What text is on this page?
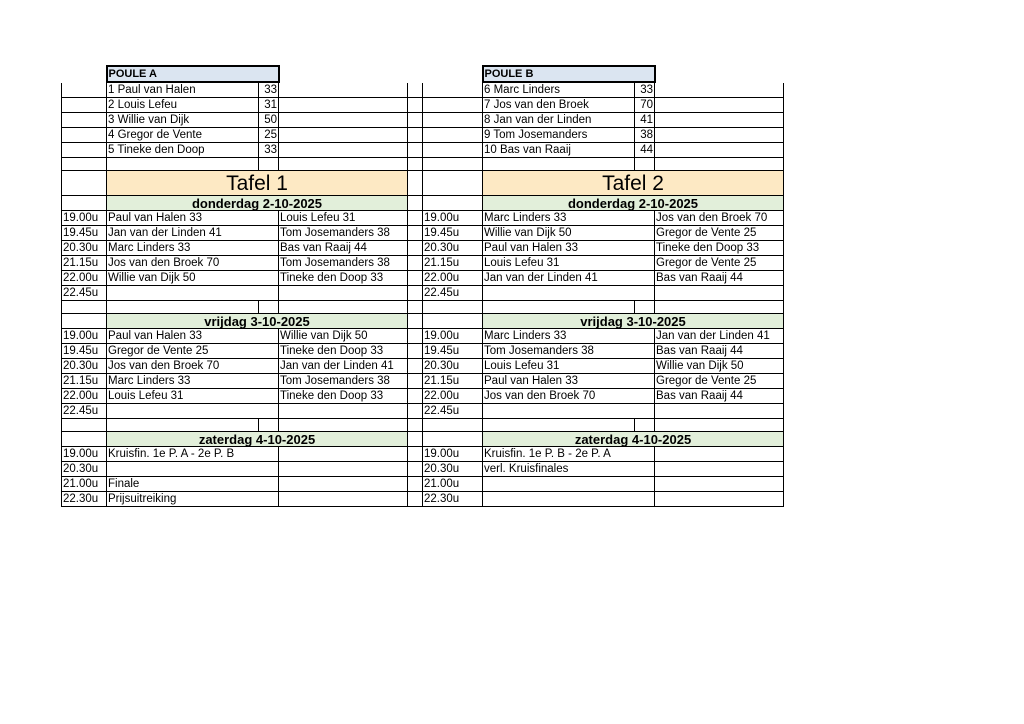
	POULE A					POULE B		
	1 Paul van Halen	33				6 Marc Linders	33	
	2 Louis Lefeu	31				7 Jos van den Broek	70	
	3 Willie van Dijk	50				8 Jan van der Linden	41	
	4 Gregor de Vente	25				9 Tom Josemanders	38	
	5 Tineke den Doop	33				10 Bas van Raaij	44	

	Tafel 1					Tafel 2		
	donderdag 2-10-2025					donderdag 2-10-2025		
19.00u	Paul van Halen 33		Louis Lefeu 31		19.00u	Marc Linders 33		Jos van den Broek 70
19.45u	Jan van der Linden 41		Tom Josemanders 38		19.45u	Willie van Dijk 50		Gregor de Vente 25
20.30u	Marc Linders 33		Bas van Raaij 44		20.30u	Paul van Halen 33		Tineke den Doop 33
21.15u	Jos van den Broek 70		Tom Josemanders 38		21.15u	Louis Lefeu 31		Gregor de Vente 25
22.00u	Willie van Dijk 50		Tineke den Doop 33		22.00u	Jan van der Linden 41		Bas van Raaij 44
22.45u					22.45u			

	vrijdag 3-10-2025					vrijdag 3-10-2025		
19.00u	Paul van Halen 33		Willie van Dijk 50		19.00u	Marc Linders 33		Jan van der Linden 41
19.45u	Gregor de Vente 25		Tineke den Doop 33		19.45u	Tom Josemanders 38		Bas van Raaij 44
20.30u	Jos van den Broek 70		Jan van der Linden 41		20.30u	Louis Lefeu 31		Willie van Dijk 50
21.15u	Marc Linders 33		Tom Josemanders 38		21.15u	Paul van Halen 33		Gregor de Vente 25
22.00u	Louis Lefeu 31		Tineke den Doop 33		22.00u	Jos van den Broek 70		Bas van Raaij 44
22.45u					22.45u			

	zaterdag 4-10-2025					zaterdag 4-10-2025		
19.00u	Kruisfin. 1e P. A - 2e P. B				19.00u	Kruisfin. 1e P. B - 2e P. A		
20.30u					20.30u	verl. Kruisfinales		
21.00u	Finale				21.00u			
22.30u	Prijsuitreiking				22.30u			
